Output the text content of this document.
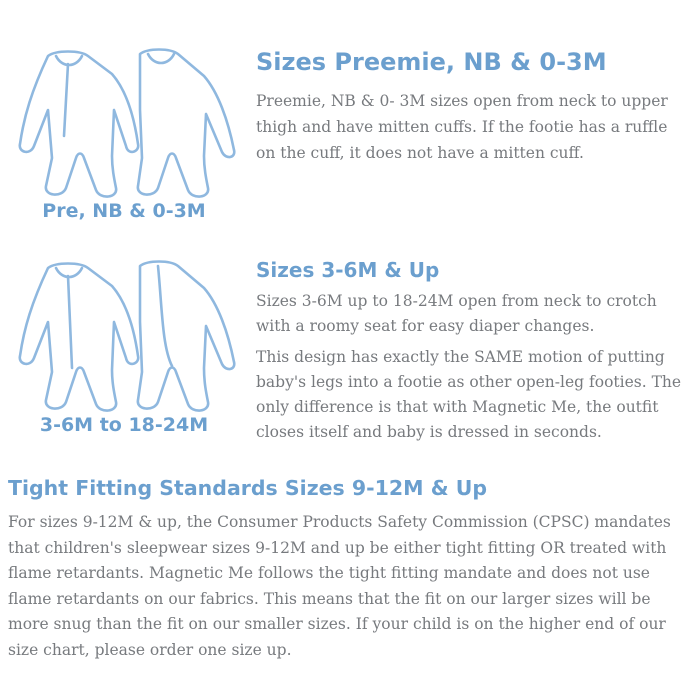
Pre, NB & 0-3M
Sizes Preemie, NB & 0-3M

Preemie, NB & 0- 3M sizes open from neck to upper thigh and have mitten cuffs. If the footie has a ruffle on the cuff, it does not have a mitten cuff.

3-6M to 18-24M
Sizes 3-6M & Up

Sizes 3-6M up to 18-24M open from neck to crotch with a roomy seat for easy diaper changes.

This design has exactly the SAME motion of putting baby's legs into a footie as other open-leg footies. The only difference is that with Magnetic Me, the outfit closes itself and baby is dressed in seconds.

Tight Fitting Standards Sizes 9-12M & Up

For sizes 9-12M & up, the Consumer Products Safety Commission (CPSC) mandates that children's sleepwear sizes 9-12M and up be either tight fitting OR treated with flame retardants. Magnetic Me follows the tight fitting mandate and does not use flame retardants on our fabrics. This means that the fit on our larger sizes will be more snug than the fit on our smaller sizes. If your child is on the higher end of our size chart, please order one size up.
